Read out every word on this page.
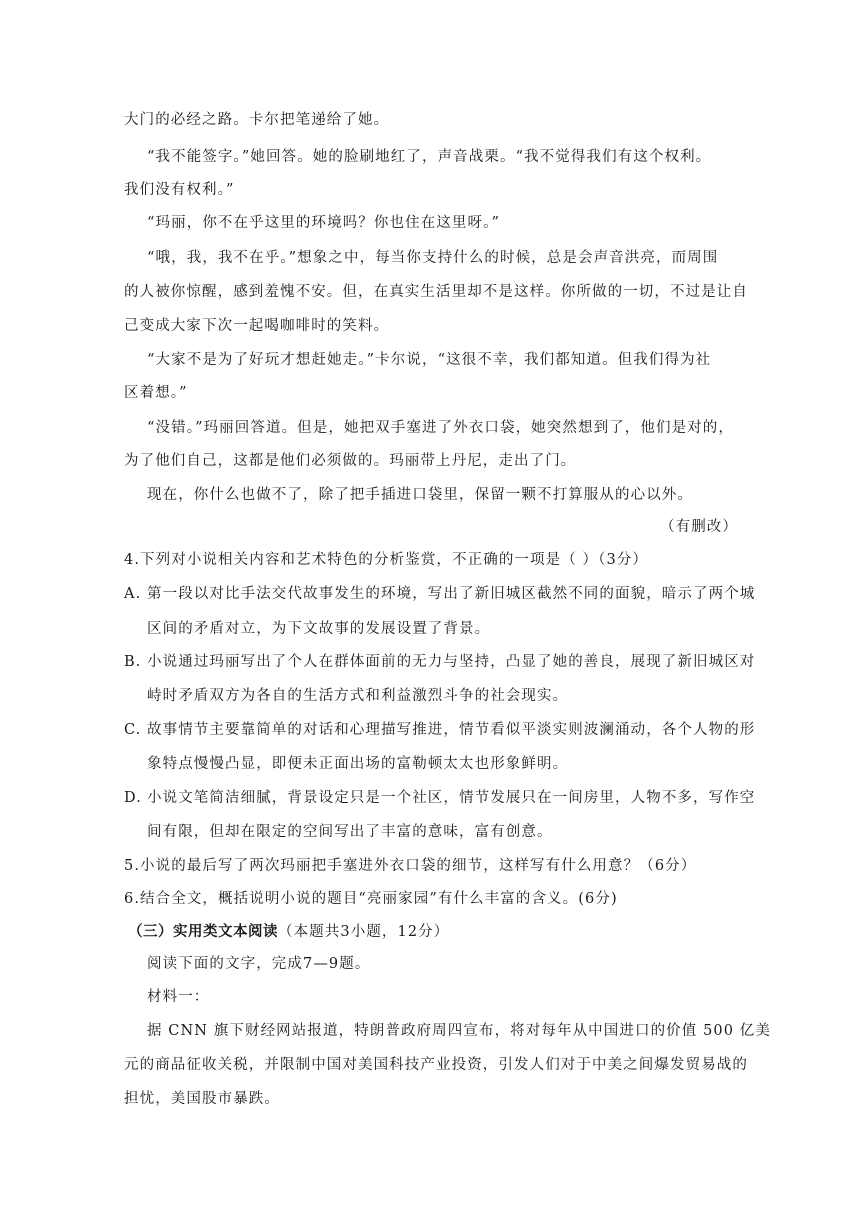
大门的必经之路。卡尔把笔递给了她。
“我不能签字。”她回答。她的脸刷地红了，声音战栗。“我不觉得我们有这个权利。
我们没有权利。”
“玛丽，你不在乎这里的环境吗？你也住在这里呀。”
“哦，我，我不在乎。”想象之中，每当你支持什么的时候，总是会声音洪亮，而周围
的人被你惊醒，感到羞愧不安。但，在真实生活里却不是这样。你所做的一切，不过是让自
己变成大家下次一起喝咖啡时的笑料。
“大家不是为了好玩才想赶她走。”卡尔说，“这很不幸，我们都知道。但我们得为社
区着想。”
“没错。”玛丽回答道。但是，她把双手塞进了外衣口袋，她突然想到了，他们是对的，
为了他们自己，这都是他们必须做的。玛丽带上丹尼，走出了门。
现在，你什么也做不了，除了把手插进口袋里，保留一颗不打算服从的心以外。
（有删改）
4.下列对小说相关内容和艺术特色的分析鉴赏，不正确的一项是（ ）（3分）
A. 第一段以对比手法交代故事发生的环境，写出了新旧城区截然不同的面貌，暗示了两个城
区间的矛盾对立，为下文故事的发展设置了背景。
B. 小说通过玛丽写出了个人在群体面前的无力与坚持，凸显了她的善良，展现了新旧城区对
峙时矛盾双方为各自的生活方式和利益激烈斗争的社会现实。
C. 故事情节主要靠简单的对话和心理描写推进，情节看似平淡实则波澜涌动，各个人物的形
象特点慢慢凸显，即便未正面出场的富勒顿太太也形象鲜明。
D. 小说文笔简洁细腻，背景设定只是一个社区，情节发展只在一间房里，人物不多，写作空
间有限，但却在限定的空间写出了丰富的意味，富有创意。
5.小说的最后写了两次玛丽把手塞进外衣口袋的细节，这样写有什么用意？（6分）
6.结合全文，概括说明小说的题目“亮丽家园”有什么丰富的含义。(6分)
（三）实用类文本阅读（本题共3小题，12分）
阅读下面的文字，完成7—9题。
材料一：
据 CNN 旗下财经网站报道，特朗普政府周四宣布，将对每年从中国进口的价值 500 亿美
元的商品征收关税，并限制中国对美国科技产业投资，引发人们对于中美之间爆发贸易战的
担忧，美国股市暴跌。
